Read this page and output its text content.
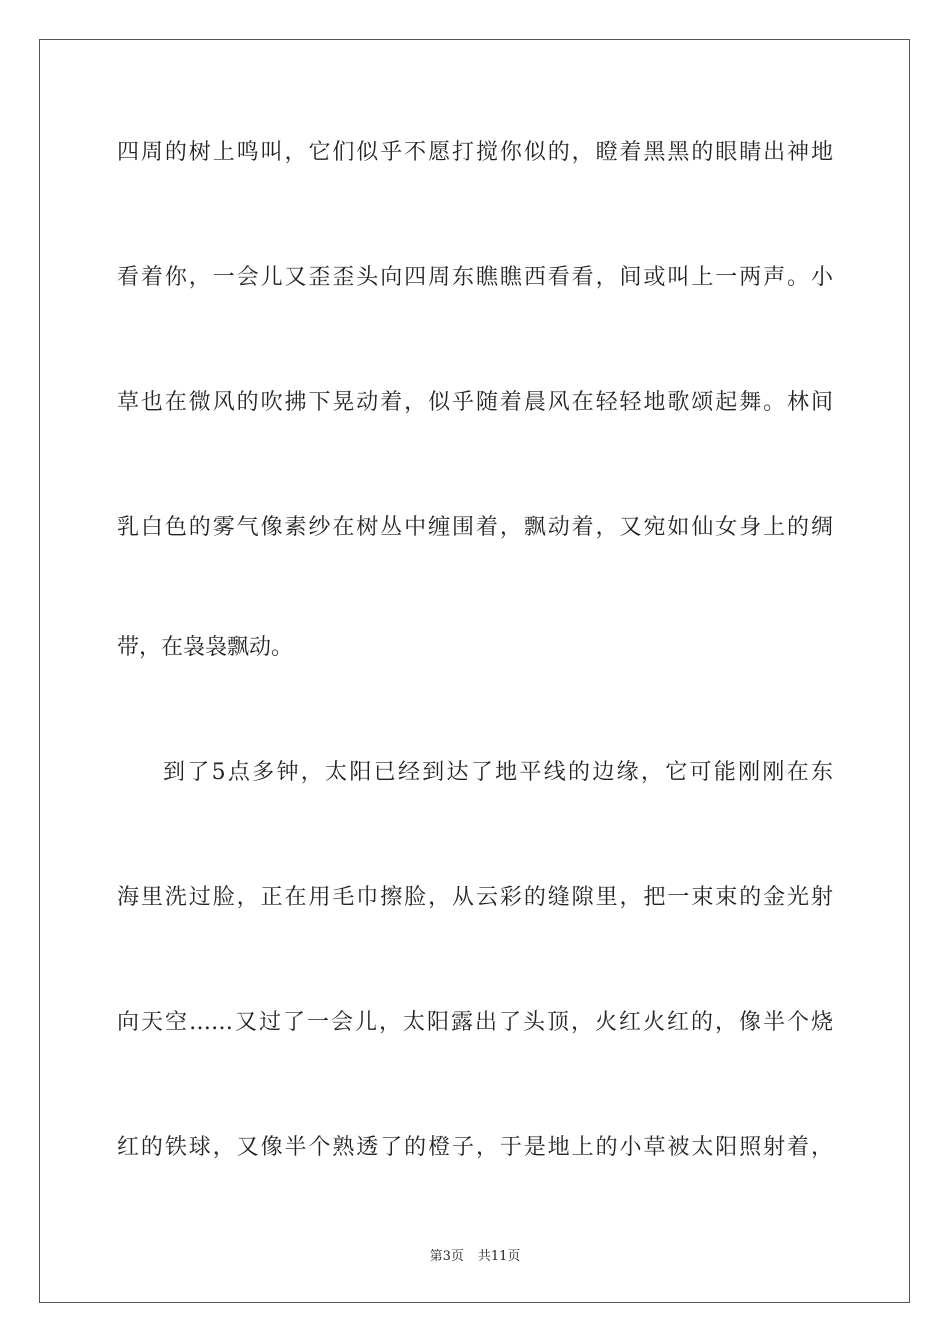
四周的树上鸣叫，它们似乎不愿打搅你似的，瞪着黑黑的眼睛出神地
看着你，一会儿又歪歪头向四周东瞧瞧西看看，间或叫上一两声。小
草也在微风的吹拂下晃动着，似乎随着晨风在轻轻地歌颂起舞。林间
乳白色的雾气像素纱在树丛中缠围着，飘动着，又宛如仙女身上的绸
带，在袅袅飘动。
到了5点多钟，太阳已经到达了地平线的边缘，它可能刚刚在东
海里洗过脸，正在用毛巾擦脸，从云彩的缝隙里，把一束束的金光射
向天空……又过了一会儿，太阳露出了头顶，火红火红的，像半个烧
红的铁球，又像半个熟透了的橙子，于是地上的小草被太阳照射着，
第3页 共11页
